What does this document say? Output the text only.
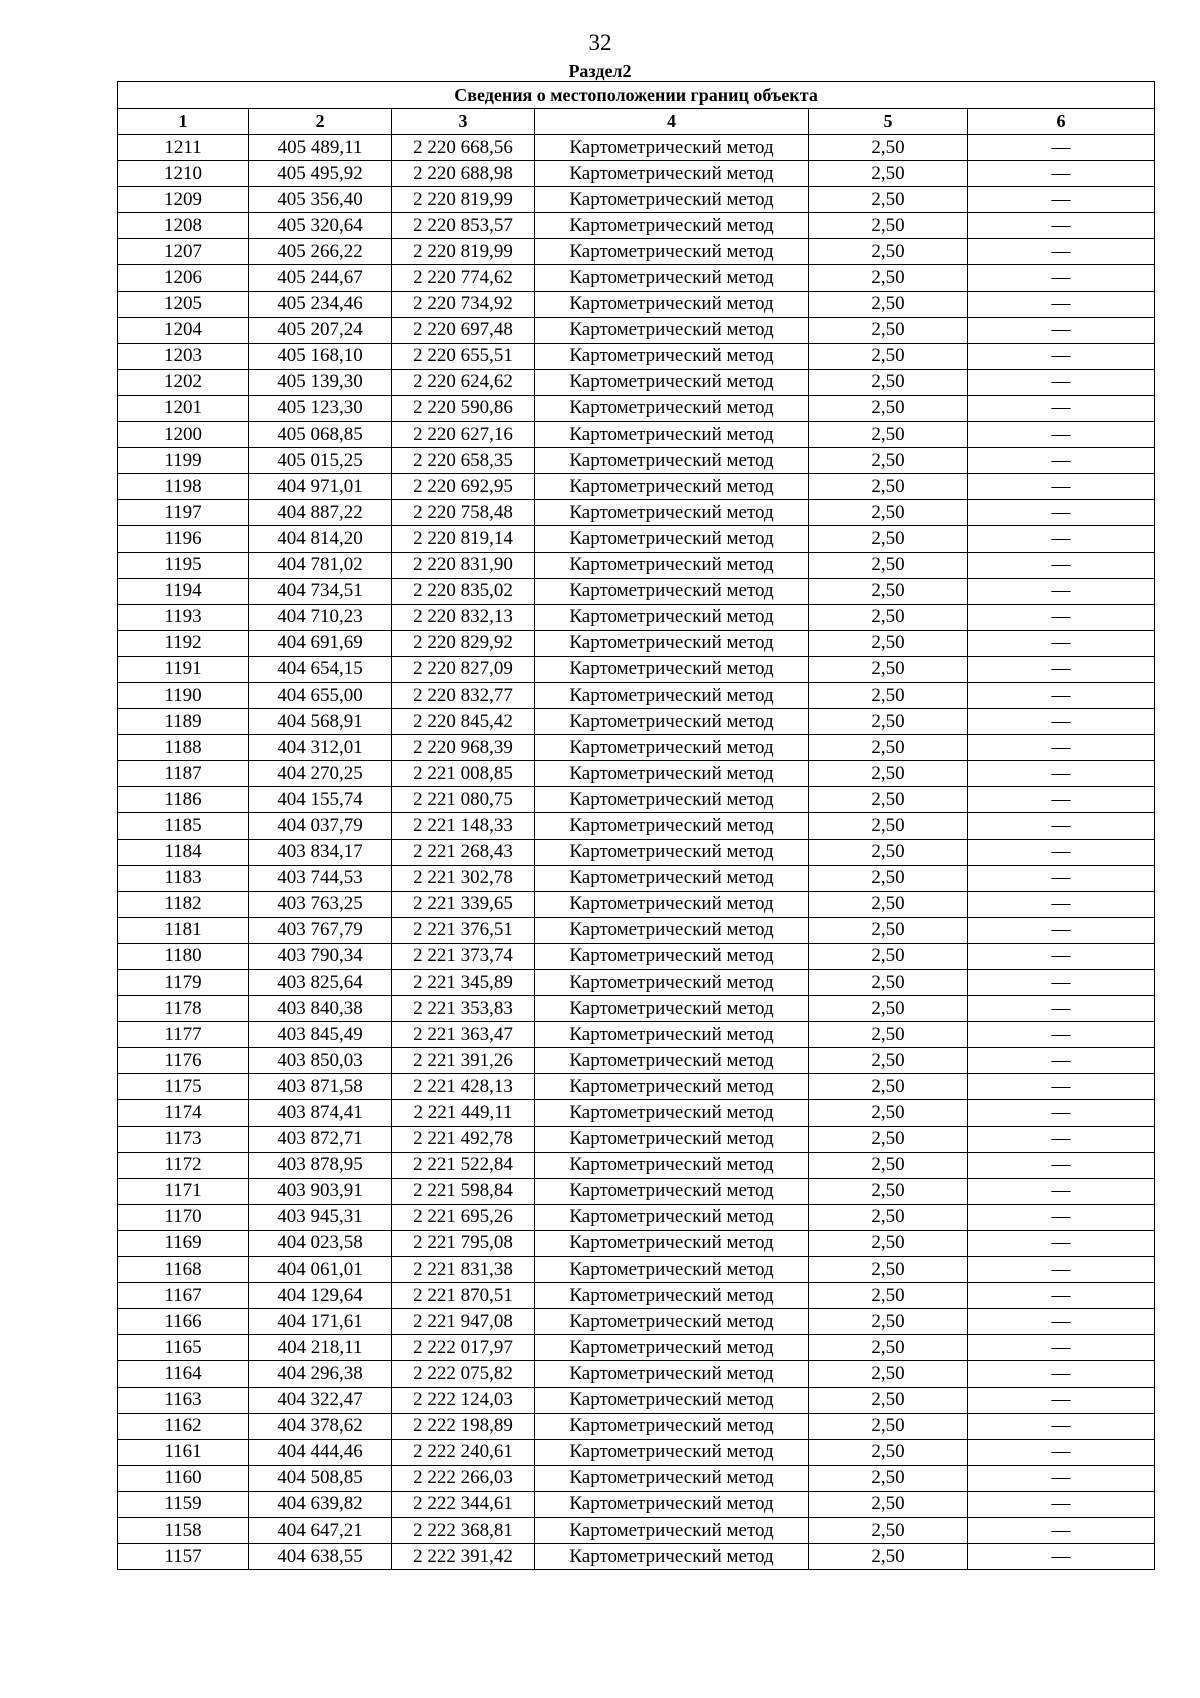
32
Раздел2
Сведения о местоположении границ объекта					
1	2	3	4	5	6
1211	405 489,11	2 220 668,56	Картометрический метод	2,50	—
1210	405 495,92	2 220 688,98	Картометрический метод	2,50	—
1209	405 356,40	2 220 819,99	Картометрический метод	2,50	—
1208	405 320,64	2 220 853,57	Картометрический метод	2,50	—
1207	405 266,22	2 220 819,99	Картометрический метод	2,50	—
1206	405 244,67	2 220 774,62	Картометрический метод	2,50	—
1205	405 234,46	2 220 734,92	Картометрический метод	2,50	—
1204	405 207,24	2 220 697,48	Картометрический метод	2,50	—
1203	405 168,10	2 220 655,51	Картометрический метод	2,50	—
1202	405 139,30	2 220 624,62	Картометрический метод	2,50	—
1201	405 123,30	2 220 590,86	Картометрический метод	2,50	—
1200	405 068,85	2 220 627,16	Картометрический метод	2,50	—
1199	405 015,25	2 220 658,35	Картометрический метод	2,50	—
1198	404 971,01	2 220 692,95	Картометрический метод	2,50	—
1197	404 887,22	2 220 758,48	Картометрический метод	2,50	—
1196	404 814,20	2 220 819,14	Картометрический метод	2,50	—
1195	404 781,02	2 220 831,90	Картометрический метод	2,50	—
1194	404 734,51	2 220 835,02	Картометрический метод	2,50	—
1193	404 710,23	2 220 832,13	Картометрический метод	2,50	—
1192	404 691,69	2 220 829,92	Картометрический метод	2,50	—
1191	404 654,15	2 220 827,09	Картометрический метод	2,50	—
1190	404 655,00	2 220 832,77	Картометрический метод	2,50	—
1189	404 568,91	2 220 845,42	Картометрический метод	2,50	—
1188	404 312,01	2 220 968,39	Картометрический метод	2,50	—
1187	404 270,25	2 221 008,85	Картометрический метод	2,50	—
1186	404 155,74	2 221 080,75	Картометрический метод	2,50	—
1185	404 037,79	2 221 148,33	Картометрический метод	2,50	—
1184	403 834,17	2 221 268,43	Картометрический метод	2,50	—
1183	403 744,53	2 221 302,78	Картометрический метод	2,50	—
1182	403 763,25	2 221 339,65	Картометрический метод	2,50	—
1181	403 767,79	2 221 376,51	Картометрический метод	2,50	—
1180	403 790,34	2 221 373,74	Картометрический метод	2,50	—
1179	403 825,64	2 221 345,89	Картометрический метод	2,50	—
1178	403 840,38	2 221 353,83	Картометрический метод	2,50	—
1177	403 845,49	2 221 363,47	Картометрический метод	2,50	—
1176	403 850,03	2 221 391,26	Картометрический метод	2,50	—
1175	403 871,58	2 221 428,13	Картометрический метод	2,50	—
1174	403 874,41	2 221 449,11	Картометрический метод	2,50	—
1173	403 872,71	2 221 492,78	Картометрический метод	2,50	—
1172	403 878,95	2 221 522,84	Картометрический метод	2,50	—
1171	403 903,91	2 221 598,84	Картометрический метод	2,50	—
1170	403 945,31	2 221 695,26	Картометрический метод	2,50	—
1169	404 023,58	2 221 795,08	Картометрический метод	2,50	—
1168	404 061,01	2 221 831,38	Картометрический метод	2,50	—
1167	404 129,64	2 221 870,51	Картометрический метод	2,50	—
1166	404 171,61	2 221 947,08	Картометрический метод	2,50	—
1165	404 218,11	2 222 017,97	Картометрический метод	2,50	—
1164	404 296,38	2 222 075,82	Картометрический метод	2,50	—
1163	404 322,47	2 222 124,03	Картометрический метод	2,50	—
1162	404 378,62	2 222 198,89	Картометрический метод	2,50	—
1161	404 444,46	2 222 240,61	Картометрический метод	2,50	—
1160	404 508,85	2 222 266,03	Картометрический метод	2,50	—
1159	404 639,82	2 222 344,61	Картометрический метод	2,50	—
1158	404 647,21	2 222 368,81	Картометрический метод	2,50	—
1157	404 638,55	2 222 391,42	Картометрический метод	2,50	—
